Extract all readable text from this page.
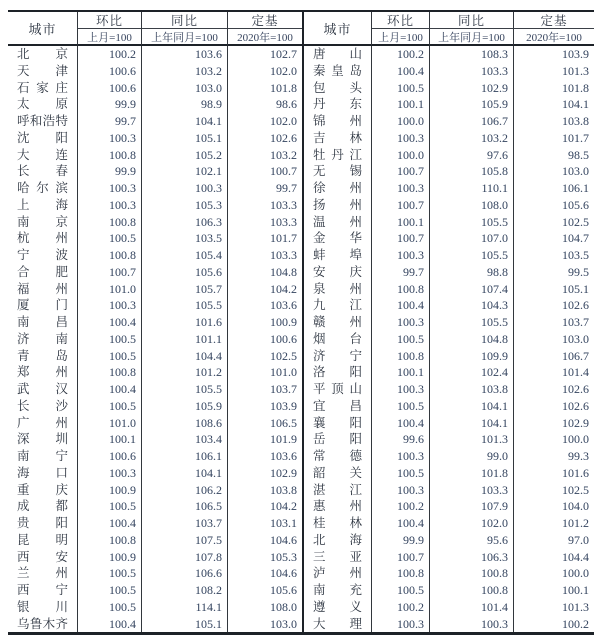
城市
环比	同比	定基
上月=100	上年同月=100	2020年=100
北 京	100.2	103.6	102.7
天 津	100.6	103.2	102.0
石 家 庄	100.6	103.0	101.8
太 原	99.9	98.9	98.6
呼 和 浩 特	99.7	104.1	102.0
沈 阳	100.3	105.1	102.6
大 连	100.8	105.2	103.2
长 春	99.9	102.1	100.7
哈 尔 滨	100.3	100.3	99.7
上 海	100.3	105.3	103.3
南 京	100.8	106.3	103.3
杭 州	100.5	103.5	101.7
宁 波	100.8	105.4	103.3
合 肥	100.7	105.6	104.8
福 州	101.0	105.7	104.2
厦 门	100.3	105.5	103.6
南 昌	100.4	101.6	100.9
济 南	100.5	101.1	100.6
青 岛	100.5	104.4	102.5
郑 州	100.8	101.2	101.0
武 汉	100.4	105.5	103.7
长 沙	100.5	105.9	103.9
广 州	101.0	108.6	106.5
深 圳	100.1	103.4	101.9
南 宁	100.6	106.1	103.6
海 口	100.3	104.1	102.9
重 庆	100.9	106.2	103.8
成 都	100.5	106.5	104.2
贵 阳	100.4	103.7	103.1
昆 明	100.8	107.5	104.6
西 安	100.9	107.8	105.3
兰 州	100.5	106.6	104.6
西 宁	100.5	108.2	105.6
银 川	100.5	114.1	108.0
乌 鲁 木 齐	100.4	105.1	103.0
城市
环比	同比	定基
上月=100	上年同月=100	2020年=100
唐 山	100.2	108.3	103.9
秦 皇 岛	100.4	103.3	101.3
包 头	100.5	102.9	101.8
丹 东	100.1	105.9	104.1
锦 州	100.0	106.7	103.8
吉 林	100.3	103.2	101.7
牡 丹 江	100.0	97.6	98.5
无 锡	100.7	105.8	103.0
徐 州	100.3	110.1	106.1
扬 州	100.7	108.0	105.6
温 州	100.1	105.5	102.5
金 华	100.7	107.0	104.7
蚌 埠	100.3	105.5	103.5
安 庆	99.7	98.8	99.5
泉 州	100.8	107.4	105.1
九 江	100.4	104.3	102.6
赣 州	100.3	105.5	103.7
烟 台	100.5	104.8	103.0
济 宁	100.8	109.9	106.7
洛 阳	100.1	102.4	101.4
平 顶 山	100.3	103.8	102.6
宜 昌	100.5	104.1	102.6
襄 阳	100.4	104.1	102.9
岳 阳	99.6	101.3	100.0
常 德	100.3	99.0	99.3
韶 关	100.5	101.8	101.6
湛 江	100.3	103.3	102.5
惠 州	100.2	107.9	104.0
桂 林	100.4	102.0	101.2
北 海	99.9	95.6	97.0
三 亚	100.7	106.3	104.4
泸 州	100.8	100.8	100.0
南 充	100.5	100.8	100.1
遵 义	100.2	101.4	101.3
大 理	100.3	100.3	100.2
